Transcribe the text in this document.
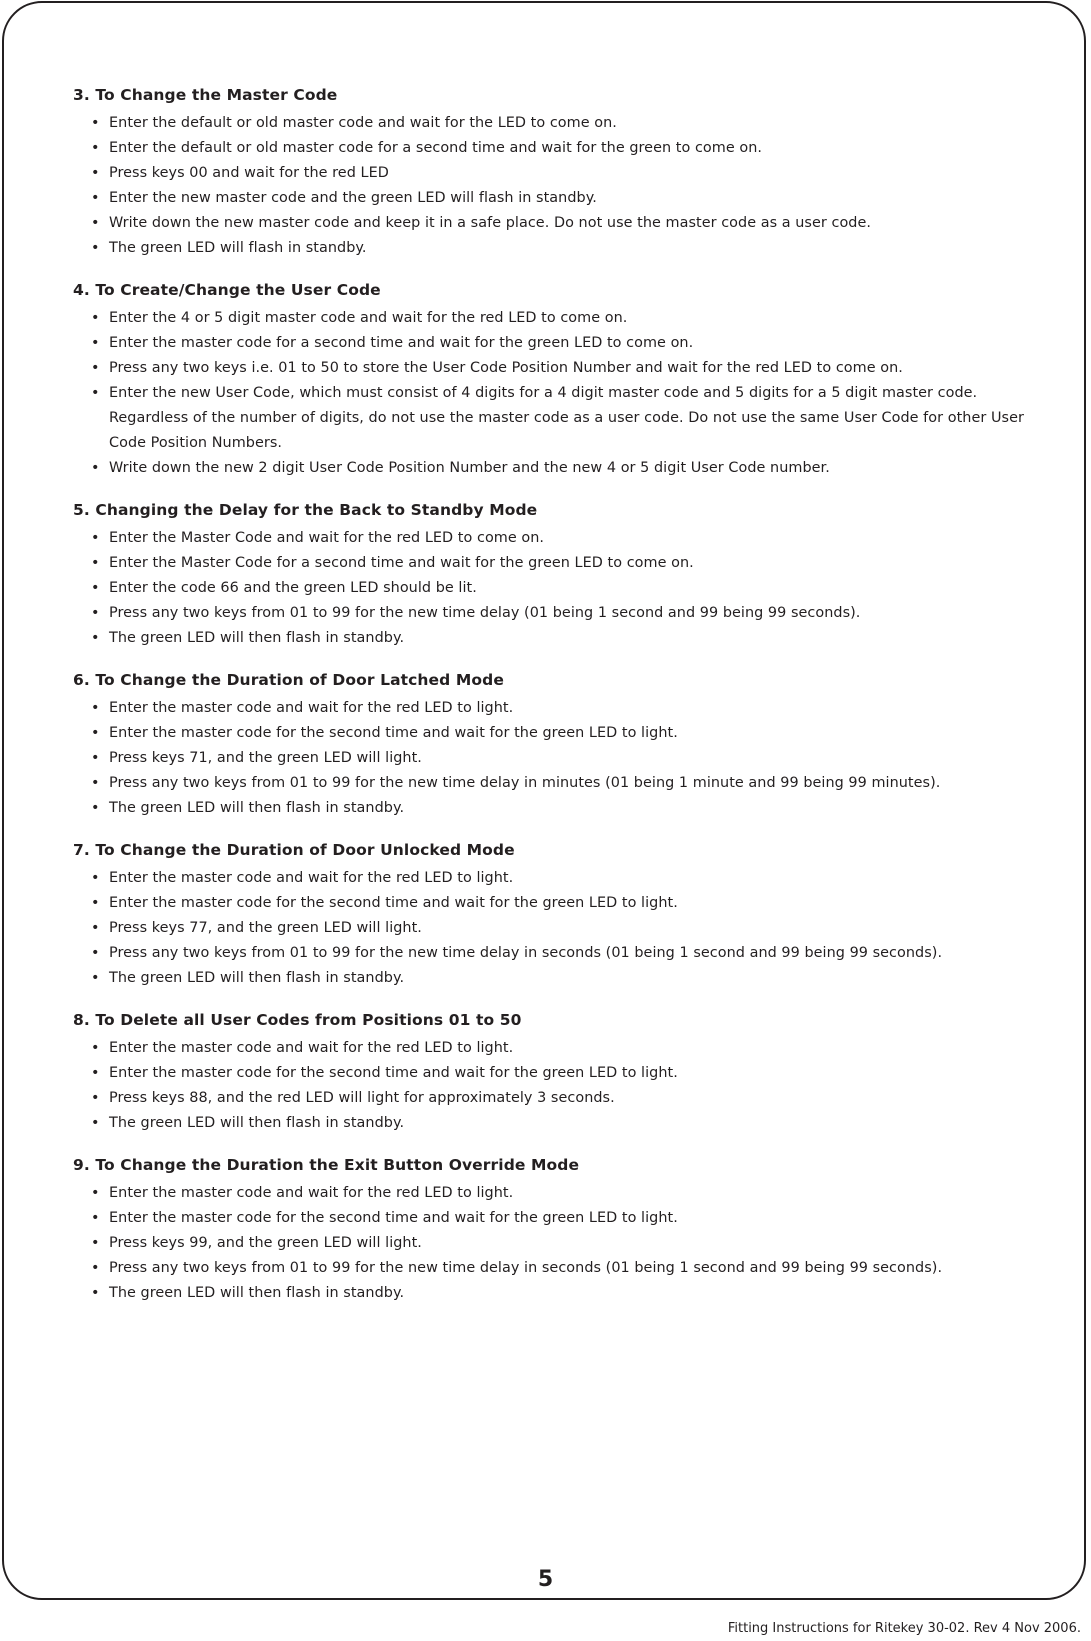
3. To Change the Master Code
• Enter the default or old master code and wait for the LED to come on.
• Enter the default or old master code for a second time and wait for the green to come on.
• Press keys 00 and wait for the red LED
• Enter the new master code and the green LED will flash in standby.
• Write down the new master code and keep it in a safe place. Do not use the master code as a user code.
• The green LED will flash in standby.
4. To Create/Change the User Code
• Enter the 4 or 5 digit master code and wait for the red LED to come on.
• Enter the master code for a second time and wait for the green LED to come on.
• Press any two keys i.e. 01 to 50 to store the User Code Position Number and wait for the red LED to come on.
• Enter the new User Code, which must consist of 4 digits for a 4 digit master code and 5 digits for a 5 digit master code. Regardless of the number of digits, do not use the master code as a user code. Do not use the same User Code for other User Code Position Numbers.
• Write down the new 2 digit User Code Position Number and the new 4 or 5 digit User Code number.
5. Changing the Delay for the Back to Standby Mode
• Enter the Master Code and wait for the red LED to come on.
• Enter the Master Code for a second time and wait for the green LED to come on.
• Enter the code 66 and the green LED should be lit.
• Press any two keys from 01 to 99 for the new time delay (01 being 1 second and 99 being 99 seconds).
• The green LED will then flash in standby.
6. To Change the Duration of Door Latched Mode
• Enter the master code and wait for the red LED to light.
• Enter the master code for the second time and wait for the green LED to light.
• Press keys 71, and the green LED will light.
• Press any two keys from 01 to 99 for the new time delay in minutes (01 being 1 minute and 99 being 99 minutes).
• The green LED will then flash in standby.
7. To Change the Duration of Door Unlocked Mode
• Enter the master code and wait for the red LED to light.
• Enter the master code for the second time and wait for the green LED to light.
• Press keys 77, and the green LED will light.
• Press any two keys from 01 to 99 for the new time delay in seconds (01 being 1 second and 99 being 99 seconds).
• The green LED will then flash in standby.
8. To Delete all User Codes from Positions 01 to 50
• Enter the master code and wait for the red LED to light.
• Enter the master code for the second time and wait for the green LED to light.
• Press keys 88, and the red LED will light for approximately 3 seconds.
• The green LED will then flash in standby.
9. To Change the Duration the Exit Button Override Mode
• Enter the master code and wait for the red LED to light.
• Enter the master code for the second time and wait for the green LED to light.
• Press keys 99, and the green LED will light.
• Press any two keys from 01 to 99 for the new time delay in seconds (01 being 1 second and 99 being 99 seconds).
• The green LED will then flash in standby.
5
Fitting Instructions for Ritekey 30-02. Rev 4 Nov 2006.
